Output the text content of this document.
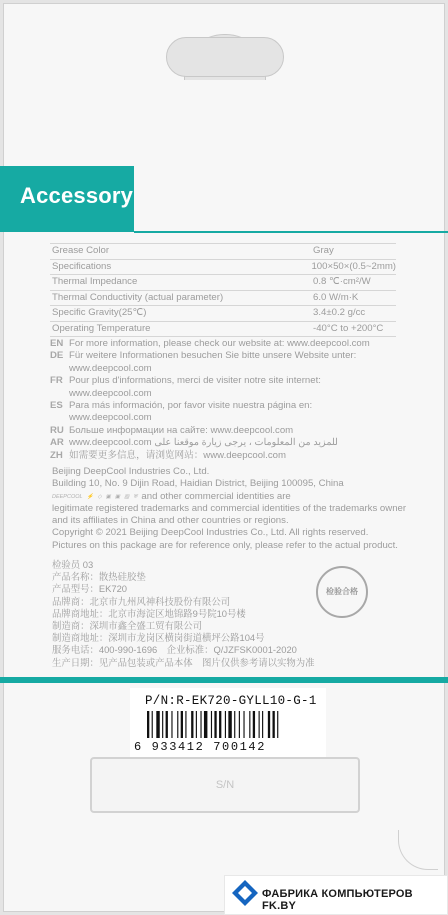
Accessory
Grease Color	Gray
Specifications	100×50×(0.5~2mm)
Thermal Impedance	0.8 ℃·cm²/W
Thermal Conductivity (actual parameter)	6.0 W/m·K
Specific Gravity(25℃)	3.4±0.2 g/cc
Operating Temperature	-40°C to +200°C
EN For more information, please check our website at: www.deepcool.com
DE Für weitere Informationen besuchen Sie bitte unsere Website unter:
www.deepcool.com
FR Pour plus d'informations, merci de visiter notre site internet:
www.deepcool.com
ES Para más información, por favor visite nuestra página en:
www.deepcool.com
RU Больше информации на сайте: www.deepcool.com
AR www.deepcool.com للمزيد من المعلومات ، يرجى زيارة موقعنا على
ZH 如需要更多信息，请浏览网站：www.deepcool.com
Beijing DeepCool Industries Co., Ltd.
Building 10, No. 9 Dijin Road, Haidian District, Beijing 100095, China
DEEPCOOL ⚡ ◇ ▣ ▣ ▥ ⛨ and other commercial identities are
legitimate registered trademarks and commercial identities of the trademarks owner
and its affiliates in China and other countries or regions.
Copyright © 2021 Beijing DeepCool Industries Co., Ltd. All rights reserved.
Pictures on this package are for reference only, please refer to the actual product.
检验员 03
产品名称：散热硅胶垫
产品型号：EK720
品牌商：北京市九州风神科技股份有限公司
品牌商地址：北京市海淀区地锦路9号院10号楼
制造商：深圳市鑫全盛工贸有限公司
制造商地址：深圳市龙岗区横岗街道横坪公路104号
服务电话：400-990-1696　企业标准：Q/JZFSK0001-2020
生产日期：见产品包装或产品本体　图片仅供参考请以实物为准
检验合格
P/N:R-EK720-GYLL10-G-1
6 933412 700142
S/N
ФАБРИКА КОМПЬЮТЕРОВ FK.BY
